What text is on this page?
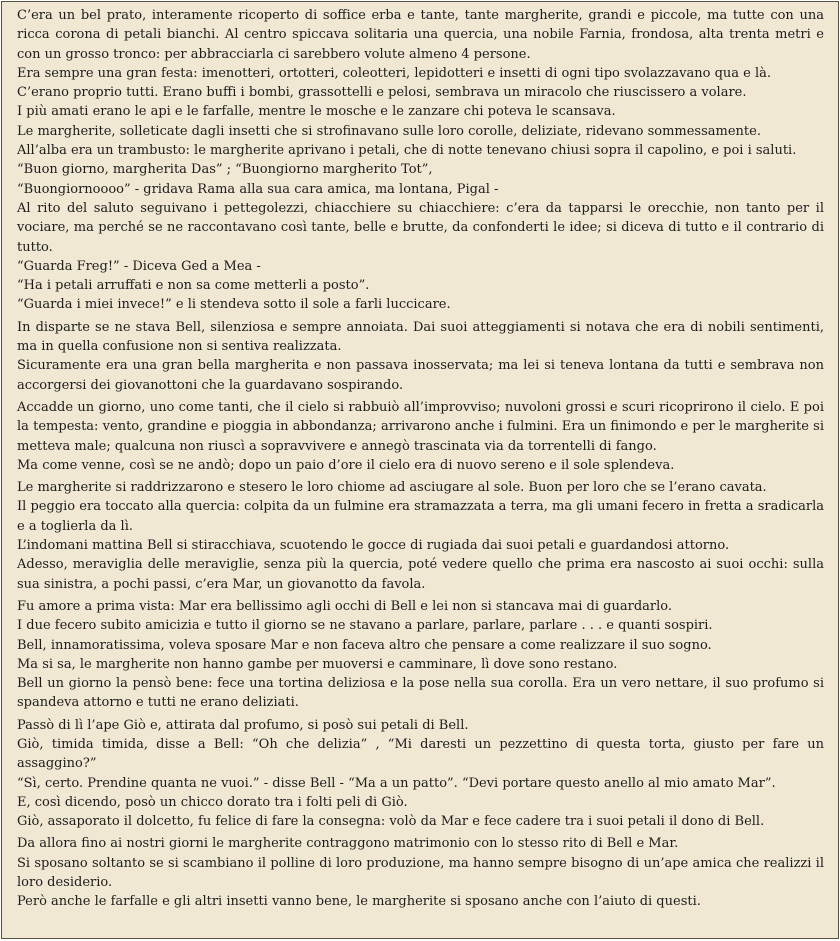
C’era un bel prato, interamente ricoperto di soffice erba e tante, tante margherite, grandi e piccole, ma tutte con una ricca corona di petali bianchi. Al centro spiccava solitaria una quercia, una nobile Farnia, frondosa, alta trenta metri e con un grosso tronco: per abbracciarla ci sarebbero volute almeno 4 persone.
Era sempre una gran festa: imenotteri, ortotteri, coleotteri, lepidotteri e insetti di ogni tipo svolazzavano qua e là.
C’erano proprio tutti. Erano buffi i bombi, grassottelli e pelosi, sembrava un miracolo che riuscissero a volare.
I più amati erano le api e le farfalle, mentre le mosche e le zanzare chi poteva le scansava.
Le margherite, solleticate dagli insetti che si strofinavano sulle loro corolle, deliziate, ridevano sommessamente.
All’alba era un trambusto: le margherite aprivano i petali, che di notte tenevano chiusi sopra il capolino, e poi i saluti.
“Buon giorno, margherita Das” ; “Buongiorno margherito Tot”,
“Buongiornoooo” - gridava Rama alla sua cara amica, ma lontana, Pigal -
Al rito del saluto seguivano i pettegolezzi, chiacchiere su chiacchiere: c’era da tapparsi le orecchie, non tanto per il vociare, ma perché se ne raccontavano così tante, belle e brutte, da confonderti le idee; si diceva di tutto e il contrario di tutto.
“Guarda Freg!” - Diceva Ged a Mea -
“Ha i petali arruffati e non sa come metterli a posto”.
“Guarda i miei invece!” e li stendeva sotto il sole a farli luccicare.
In disparte se ne stava Bell, silenziosa e sempre annoiata. Dai suoi atteggiamenti si notava che era di nobili sentimenti, ma in quella confusione non si sentiva realizzata.
Sicuramente era una gran bella margherita e non passava inosservata; ma lei si teneva lontana da tutti e sembrava non accorgersi dei giovanottoni che la guardavano sospirando.
Accadde un giorno, uno come tanti, che il cielo si rabbuiò all’improvviso; nuvoloni grossi e scuri ricoprirono il cielo. E poi la tempesta: vento, grandine e pioggia in abbondanza; arrivarono anche i fulmini. Era un finimondo e per le margherite si metteva male; qualcuna non riuscì a sopravvivere e annegò trascinata via da torrentelli di fango.
Ma come venne, così se ne andò; dopo un paio d’ore il cielo era di nuovo sereno e il sole splendeva.
Le margherite si raddrizzarono e stesero le loro chiome ad asciugare al sole. Buon per loro che se l’erano cavata.
Il peggio era toccato alla quercia: colpita da un fulmine era stramazzata a terra, ma gli umani fecero in fretta a sradicarla e a toglierla da lì.
L’indomani mattina Bell si stiracchiava, scuotendo le gocce di rugiada dai suoi petali e guardandosi attorno.
Adesso, meraviglia delle meraviglie, senza più la quercia, poté vedere quello che prima era nascosto ai suoi occhi: sulla sua sinistra, a pochi passi, c’era Mar, un giovanotto da favola.
Fu amore a prima vista: Mar era bellissimo agli occhi di Bell e lei non si stancava mai di guardarlo.
I due fecero subito amicizia e tutto il giorno se ne stavano a parlare, parlare, parlare . . . e quanti sospiri.
Bell, innamoratissima, voleva sposare Mar e non faceva altro che pensare a come realizzare il suo sogno.
Ma si sa, le margherite non hanno gambe per muoversi e camminare, lì dove sono restano.
Bell un giorno la pensò bene: fece una tortina deliziosa e la pose nella sua corolla. Era un vero nettare, il suo profumo si spandeva attorno e tutti ne erano deliziati.
Passò di lì l’ape Giò e, attirata dal profumo, si posò sui petali di Bell.
Giò, timida timida, disse a Bell: “Oh che delizia” , “Mi daresti un pezzettino di questa torta, giusto per fare un assaggino?”
“Sì, certo. Prendine quanta ne vuoi.” - disse Bell - “Ma a un patto”. “Devi portare questo anello al mio amato Mar”.
E, così dicendo, posò un chicco dorato tra i folti peli di Giò.
Giò, assaporato il dolcetto, fu felice di fare la consegna: volò da Mar e fece cadere tra i suoi petali il dono di Bell.
Da allora fino ai nostri giorni le margherite contraggono matrimonio con lo stesso rito di Bell e Mar.
Si sposano soltanto se si scambiano il polline di loro produzione, ma hanno sempre bisogno di un’ape amica che realizzi il loro desiderio.
Però anche le farfalle e gli altri insetti vanno bene, le margherite si sposano anche con l’aiuto di questi.
